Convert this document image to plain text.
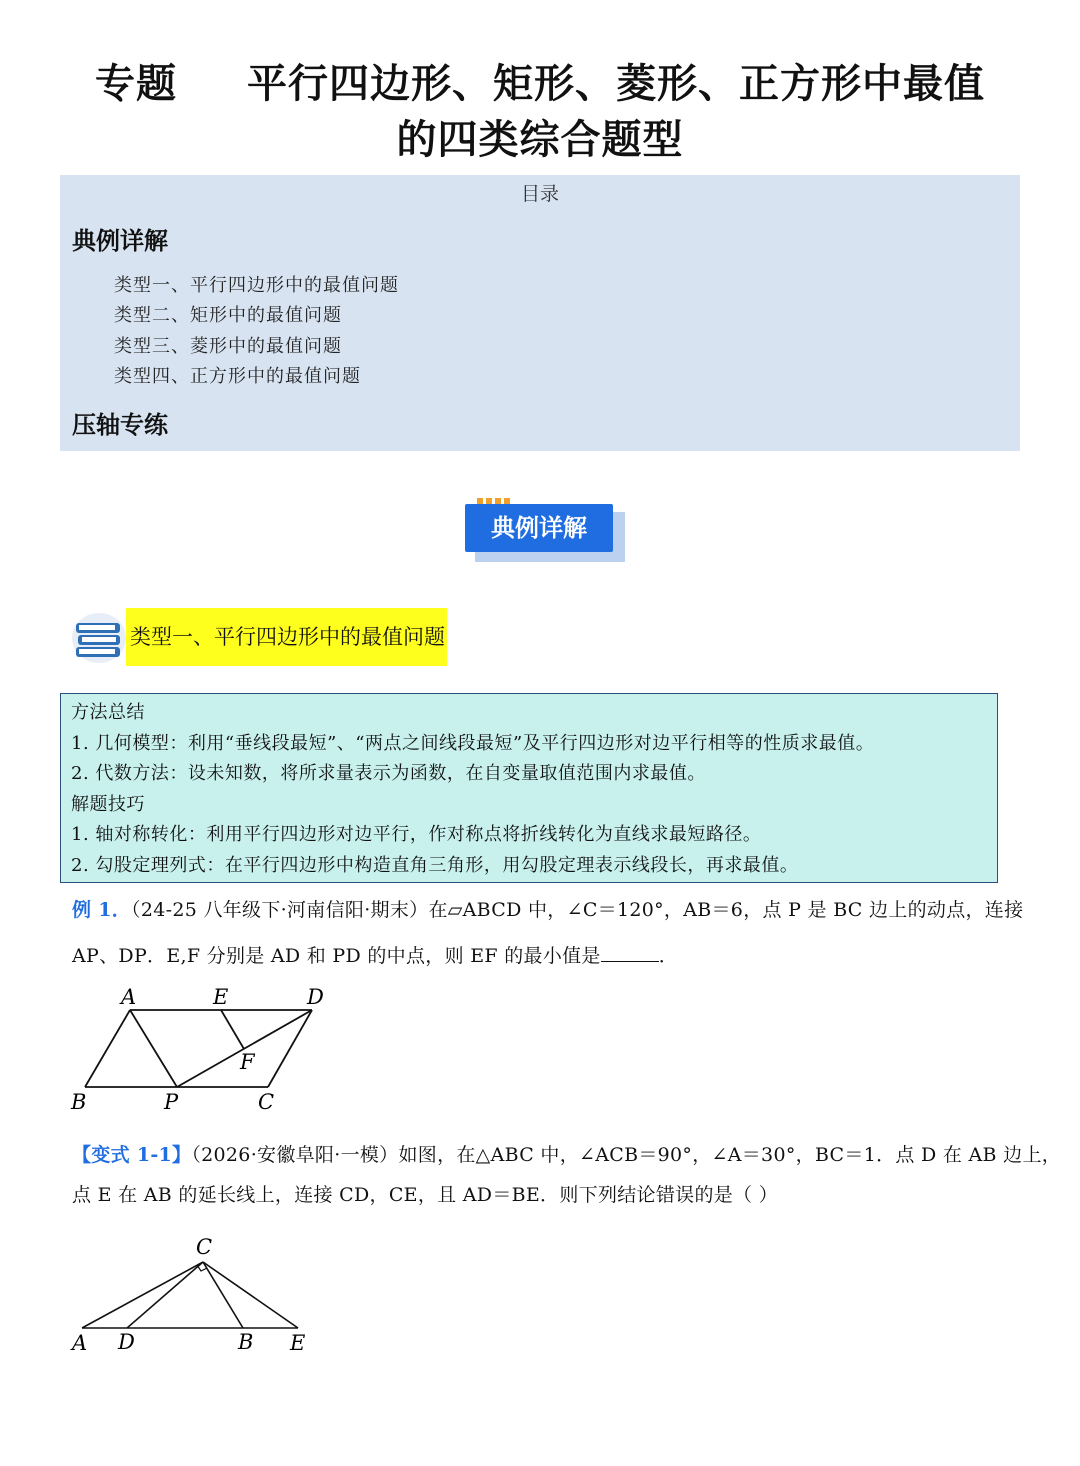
专题 平行四边形、矩形、菱形、正方形中最值
的四类综合题型
目录
典例详解
类型一、平行四边形中的最值问题
类型二、矩形中的最值问题
类型三、菱形中的最值问题
类型四、正方形中的最值问题
压轴专练
典例详解
类型一、平行四边形中的最值问题
方法总结
1. 几何模型：利用“垂线段最短”、“两点之间线段最短”及平行四边形对边平行相等的性质求最值。
2. 代数方法：设未知数，将所求量表示为函数，在自变量取值范围内求最值。
解题技巧
1. 轴对称转化：利用平行四边形对边平行，作对称点将折线转化为直线求最短路径。
2. 勾股定理列式：在平行四边形中构造直角三角形，用勾股定理表示线段长，再求最值。
例 1．（24-25 八年级下·河南信阳·期末）在▱ABCD 中，∠C＝120°，AB＝6，点 P 是 BC 边上的动点，连接
AP、DP．E,F 分别是 AD 和 PD 的中点，则 EF 的最小值是	．
A	E	D
F
B	P	C
【变式 1-1】（2026·安徽阜阳·一模）如图，在△ABC 中，∠ACB＝90°，∠A＝30°，BC＝1．点 D 在 AB 边上，
点 E 在 AB 的延长线上，连接 CD，CE，且 AD＝BE．则下列结论错误的是（ ）
C
A D	B E
